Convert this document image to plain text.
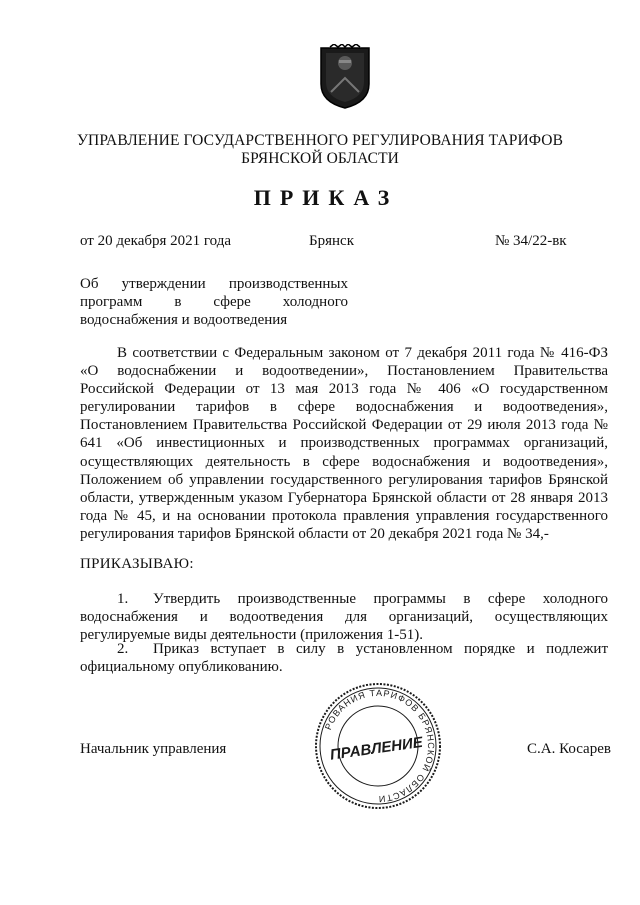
УПРАВЛЕНИЕ ГОСУДАРСТВЕННОГО РЕГУЛИРОВАНИЯ ТАРИФОВ
БРЯНСКОЙ ОБЛАСТИ
ПРИКАЗ
от 20 декабря 2021 года	Брянск	№ 34/22-вк
Об утверждении производственных программ в сфере холодного
водоснабжения и водоотведения
В соответствии с Федеральным законом от 7 декабря 2011 года № 416-ФЗ «О водоснабжении и водоотведении», Постановлением Правительства Российской Федерации от 13 мая 2013 года № 406 «О государственном регулировании тарифов в сфере водоснабжения и водоотведения», Постановлением Правительства Российской Федерации от 29 июля 2013 года № 641 «Об инвестиционных и производственных программах организаций, осуществляющих деятельность в сфере водоснабжения и водоотведения», Положением об управлении государственного регулирования тарифов Брянской области, утвержденным указом Губернатора Брянской области от 28 января 2013 года № 45, и на основании протокола правления управления государственного регулирования тарифов Брянской области от 20 декабря 2021 года № 34,-
ПРИКАЗЫВАЮ:
1. Утвердить производственные программы в сфере холодного водоснабжения и водоотведения для организаций, осуществляющих регулируемые виды деятельности (приложения 1-51).
2. Приказ вступает в силу в установленном порядке и подлежит официальному опубликованию.
РОВАНИЯ ТАРИФОВ БРЯНСКОЙ ОБЛАСТИ
ПРАВЛЕНИЕ
Начальник управления	С.А. Косарев
